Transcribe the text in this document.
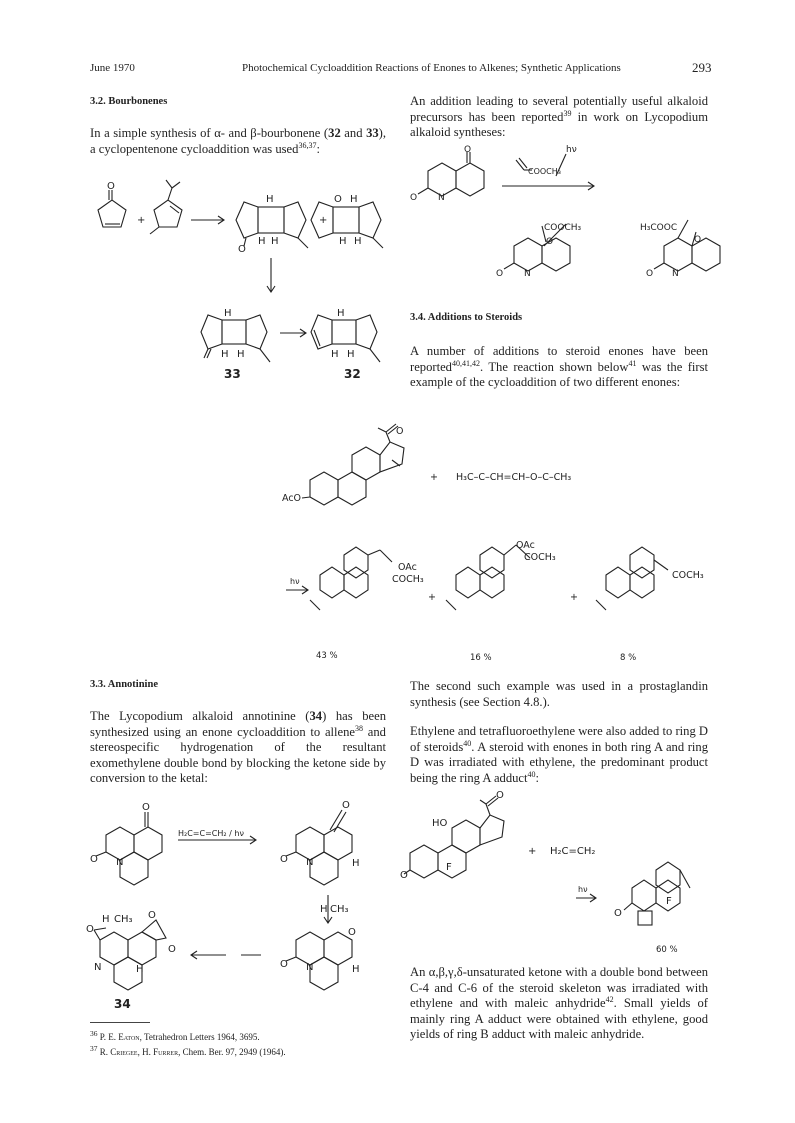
June 1970	Photochemical Cycloaddition Reactions of Enones to Alkenes; Synthetic Applications	293
3.2. Bourbonenes
In a simple synthesis of α- and β-bourbonene (32 and 33), a cyclopentenone cycloaddition was used$^{36,37}$:
O
+
H
H H
O
+
O H
H H
H
H H
H
H H
33	32
3.3. Annotinine
The Lycopodium alkaloid annotinine (34) has been synthesized using an enone cycloaddition to allene$^{38}$ and stereospecific hydrogenation of the resultant exomethylene double bond by blocking the ketone side by conversion to the ketal:
O
O N
H₂C=C=CH₂ / hν
O
O N	H
H CH₃
O
O N	H
H CH₃ O
O
N	H
O
34
$^{36}$ P. E. Eaton, Tetrahedron Letters 1964, 3695.
$^{37}$ R. Criegee, H. Furrer, Chem. Ber. 97, 2949 (1964).
An addition leading to several potentially useful alkaloid precursors has been reported$^{39}$ in work on Lycopodium alkaloid syntheses:
O
O N
hν
COOCH₃
COOCH₃
O
O N
H₃COOC
O
O N
3.4. Additions to Steroids
A number of additions to steroid enones have been reported$^{40,41,42}$. The reaction shown below$^{41}$ was the first example of the cycloaddition of two different enones:
O
AcO
+ H₃C–C–CH=CH–O–C–CH₃
hν
OAc
COCH₃
+
OAc
COCH₃
+
COCH₃
43 %	16 %	8 %
The second such example was used in a prostaglandin synthesis (see Section 4.8.).
Ethylene and tetrafluoroethylene were also added to ring D of steroids$^{40}$. A steroid with enones in both ring A and ring D was irradiated with ethylene, the predominant product being the ring A adduct$^{40}$:
O
HO
F
O
+ H₂C=CH₂
hν
F
O
60 %
An α,β,γ,δ-unsaturated ketone with a double bond between C-4 and C-6 of the steroid skeleton was irradiated with ethylene and with maleic anhydride$^{42}$. Small yields of mainly ring A adduct were obtained with ethylene, good yields of ring B adduct with maleic anhydride.
